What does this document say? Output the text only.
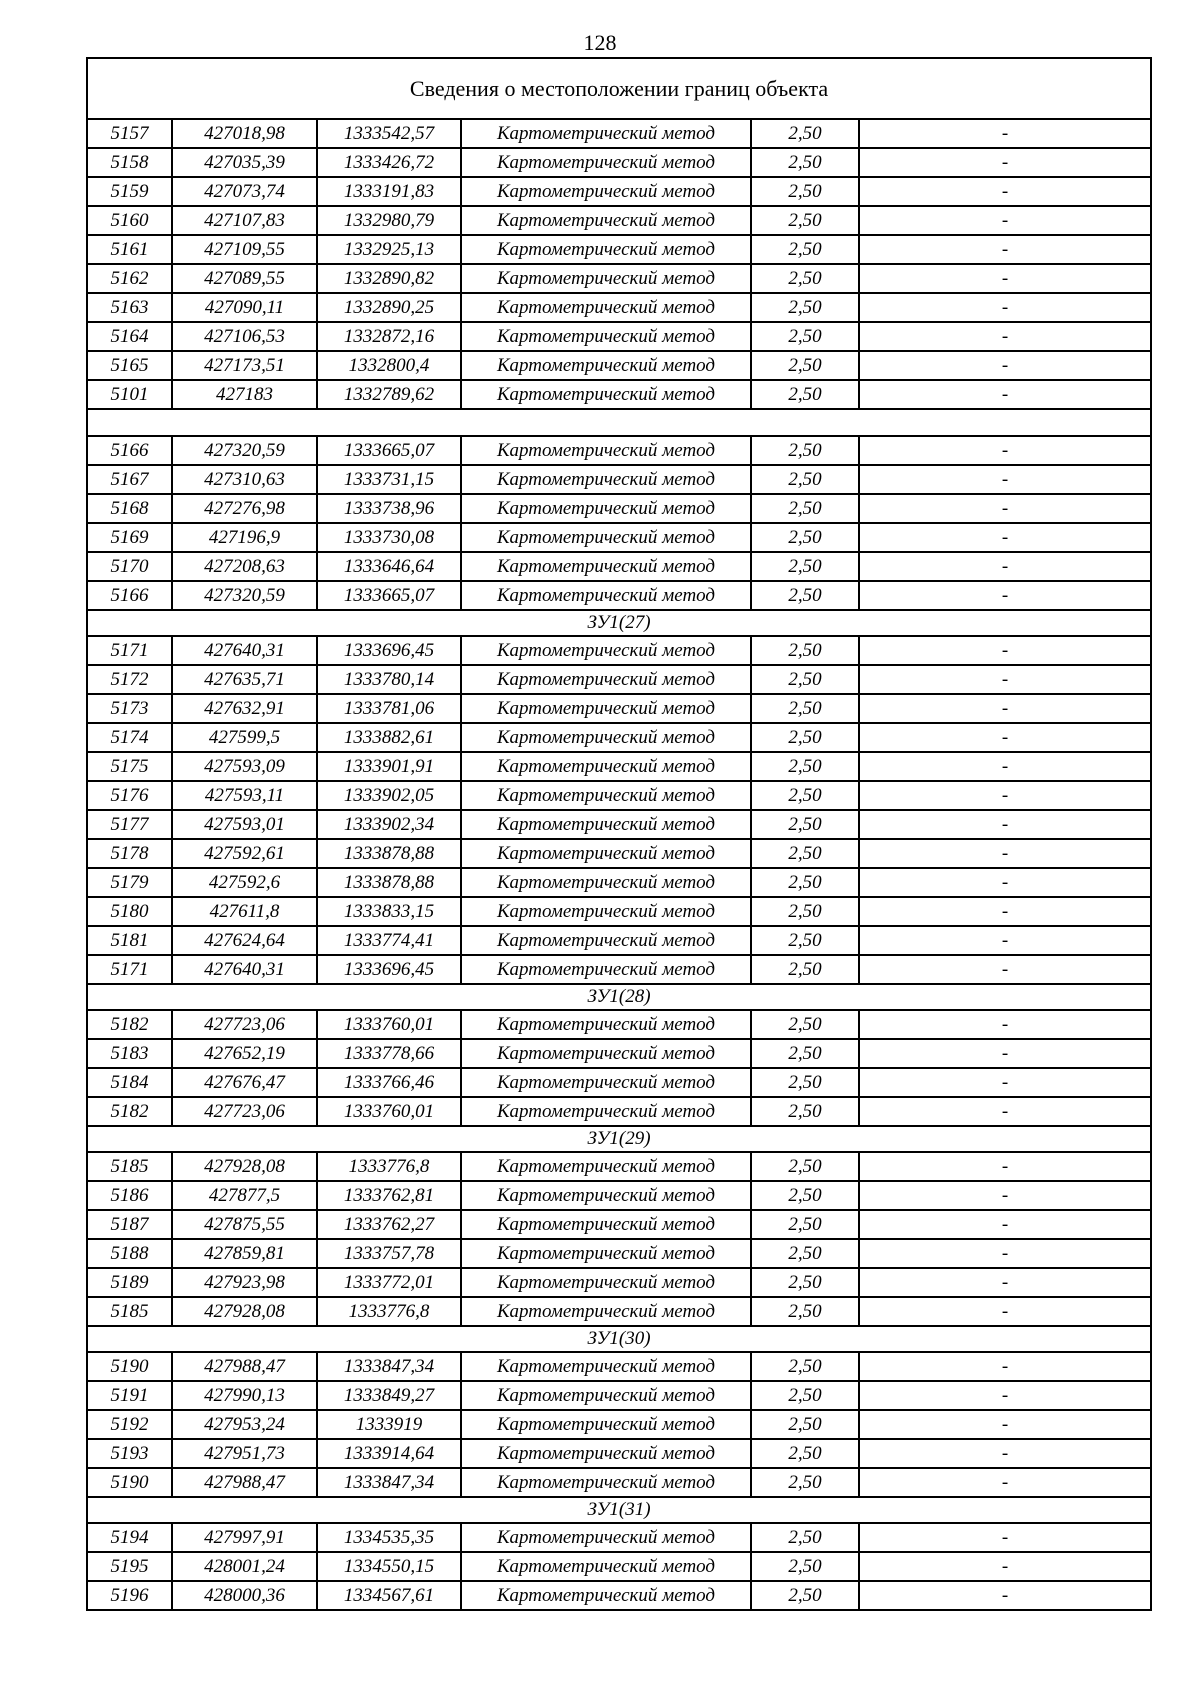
128
Сведения о местоположении границ объекта					
5157	427018,98	1333542,57	Картометрический метод	2,50	-
5158	427035,39	1333426,72	Картометрический метод	2,50	-
5159	427073,74	1333191,83	Картометрический метод	2,50	-
5160	427107,83	1332980,79	Картометрический метод	2,50	-
5161	427109,55	1332925,13	Картометрический метод	2,50	-
5162	427089,55	1332890,82	Картометрический метод	2,50	-
5163	427090,11	1332890,25	Картометрический метод	2,50	-
5164	427106,53	1332872,16	Картометрический метод	2,50	-
5165	427173,51	1332800,4	Картометрический метод	2,50	-
5101	427183	1332789,62	Картометрический метод	2,50	-

5166	427320,59	1333665,07	Картометрический метод	2,50	-
5167	427310,63	1333731,15	Картометрический метод	2,50	-
5168	427276,98	1333738,96	Картометрический метод	2,50	-
5169	427196,9	1333730,08	Картометрический метод	2,50	-
5170	427208,63	1333646,64	Картометрический метод	2,50	-
5166	427320,59	1333665,07	Картометрический метод	2,50	-
ЗУ1(27)					
5171	427640,31	1333696,45	Картометрический метод	2,50	-
5172	427635,71	1333780,14	Картометрический метод	2,50	-
5173	427632,91	1333781,06	Картометрический метод	2,50	-
5174	427599,5	1333882,61	Картометрический метод	2,50	-
5175	427593,09	1333901,91	Картометрический метод	2,50	-
5176	427593,11	1333902,05	Картометрический метод	2,50	-
5177	427593,01	1333902,34	Картометрический метод	2,50	-
5178	427592,61	1333878,88	Картометрический метод	2,50	-
5179	427592,6	1333878,88	Картометрический метод	2,50	-
5180	427611,8	1333833,15	Картометрический метод	2,50	-
5181	427624,64	1333774,41	Картометрический метод	2,50	-
5171	427640,31	1333696,45	Картометрический метод	2,50	-
ЗУ1(28)					
5182	427723,06	1333760,01	Картометрический метод	2,50	-
5183	427652,19	1333778,66	Картометрический метод	2,50	-
5184	427676,47	1333766,46	Картометрический метод	2,50	-
5182	427723,06	1333760,01	Картометрический метод	2,50	-
ЗУ1(29)					
5185	427928,08	1333776,8	Картометрический метод	2,50	-
5186	427877,5	1333762,81	Картометрический метод	2,50	-
5187	427875,55	1333762,27	Картометрический метод	2,50	-
5188	427859,81	1333757,78	Картометрический метод	2,50	-
5189	427923,98	1333772,01	Картометрический метод	2,50	-
5185	427928,08	1333776,8	Картометрический метод	2,50	-
ЗУ1(30)					
5190	427988,47	1333847,34	Картометрический метод	2,50	-
5191	427990,13	1333849,27	Картометрический метод	2,50	-
5192	427953,24	1333919	Картометрический метод	2,50	-
5193	427951,73	1333914,64	Картометрический метод	2,50	-
5190	427988,47	1333847,34	Картометрический метод	2,50	-
ЗУ1(31)					
5194	427997,91	1334535,35	Картометрический метод	2,50	-
5195	428001,24	1334550,15	Картометрический метод	2,50	-
5196	428000,36	1334567,61	Картометрический метод	2,50	-
